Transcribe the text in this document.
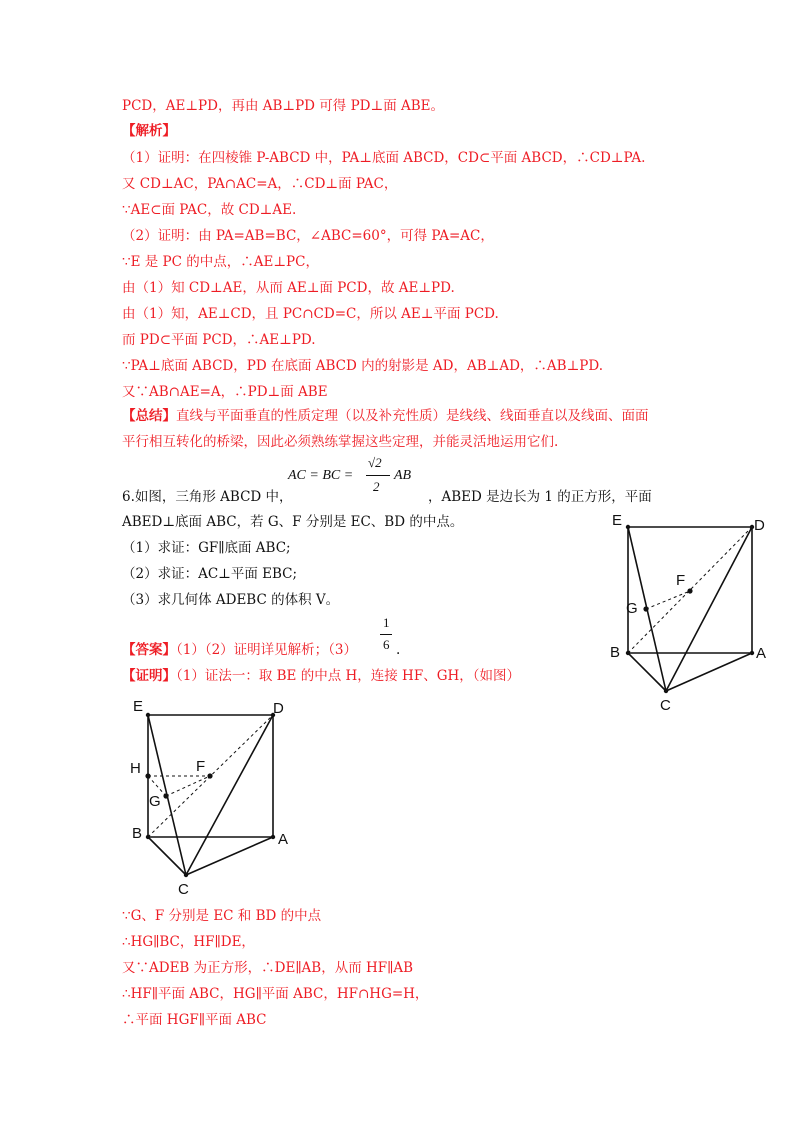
PCD，AE⊥PD，再由 AB⊥PD 可得 PD⊥面 ABE。
【解析】
（1）证明：在四棱锥 P-ABCD 中，PA⊥底面 ABCD，CD⊂平面 ABCD，∴CD⊥PA.
又 CD⊥AC，PA∩AC=A，∴CD⊥面 PAC，
∵AE⊂面 PAC，故 CD⊥AE.
（2）证明：由 PA=AB=BC，∠ABC=60°，可得 PA=AC，
∵E 是 PC 的中点，∴AE⊥PC，
由（1）知 CD⊥AE，从而 AE⊥面 PCD，故 AE⊥PD.
由（1）知，AE⊥CD，且 PC∩CD=C，所以 AE⊥平面 PCD.
而 PD⊂平面 PCD，∴AE⊥PD.
∵PA⊥底面 ABCD，PD 在底面 ABCD 内的射影是 AD，AB⊥AD，∴AB⊥PD.
又∵AB∩AE=A，∴PD⊥面 ABE
【总结】直线与平面垂直的性质定理（以及补充性质）是线线、线面垂直以及线面、面面
平行相互转化的桥梁，因此必须熟练掌握这些定理，并能灵活地运用它们.
6.如图，三角形 ABCD 中，
AC = BC =
√2
2
AB
，ABED 是边长为 1 的正方形，平面
ABED⊥底面 ABC，若 G、F 分别是 EC、BD 的中点。
（1）求证：GF∥底面 ABC;
（2）求证：AC⊥平面 EBC;
（3）求几何体 ADEBC 的体积 V。
【答案】（1）（2）证明详见解析；（3）
1
6 .
【证明】（1）证法一：取 BE 的中点 H，连接 HF、GH，（如图）
∵G、F 分别是 EC 和 BD 的中点
∴HG∥BC，HF∥DE，
又∵ADEB 为正方形，∴DE∥AB，从而 HF∥AB
∴HF∥平面 ABC，HG∥平面 ABC，HF∩HG=H，
∴平面 HGF∥平面 ABC
E	D
F
G
B	A
C
E	D
H	F
G
B	A
C
